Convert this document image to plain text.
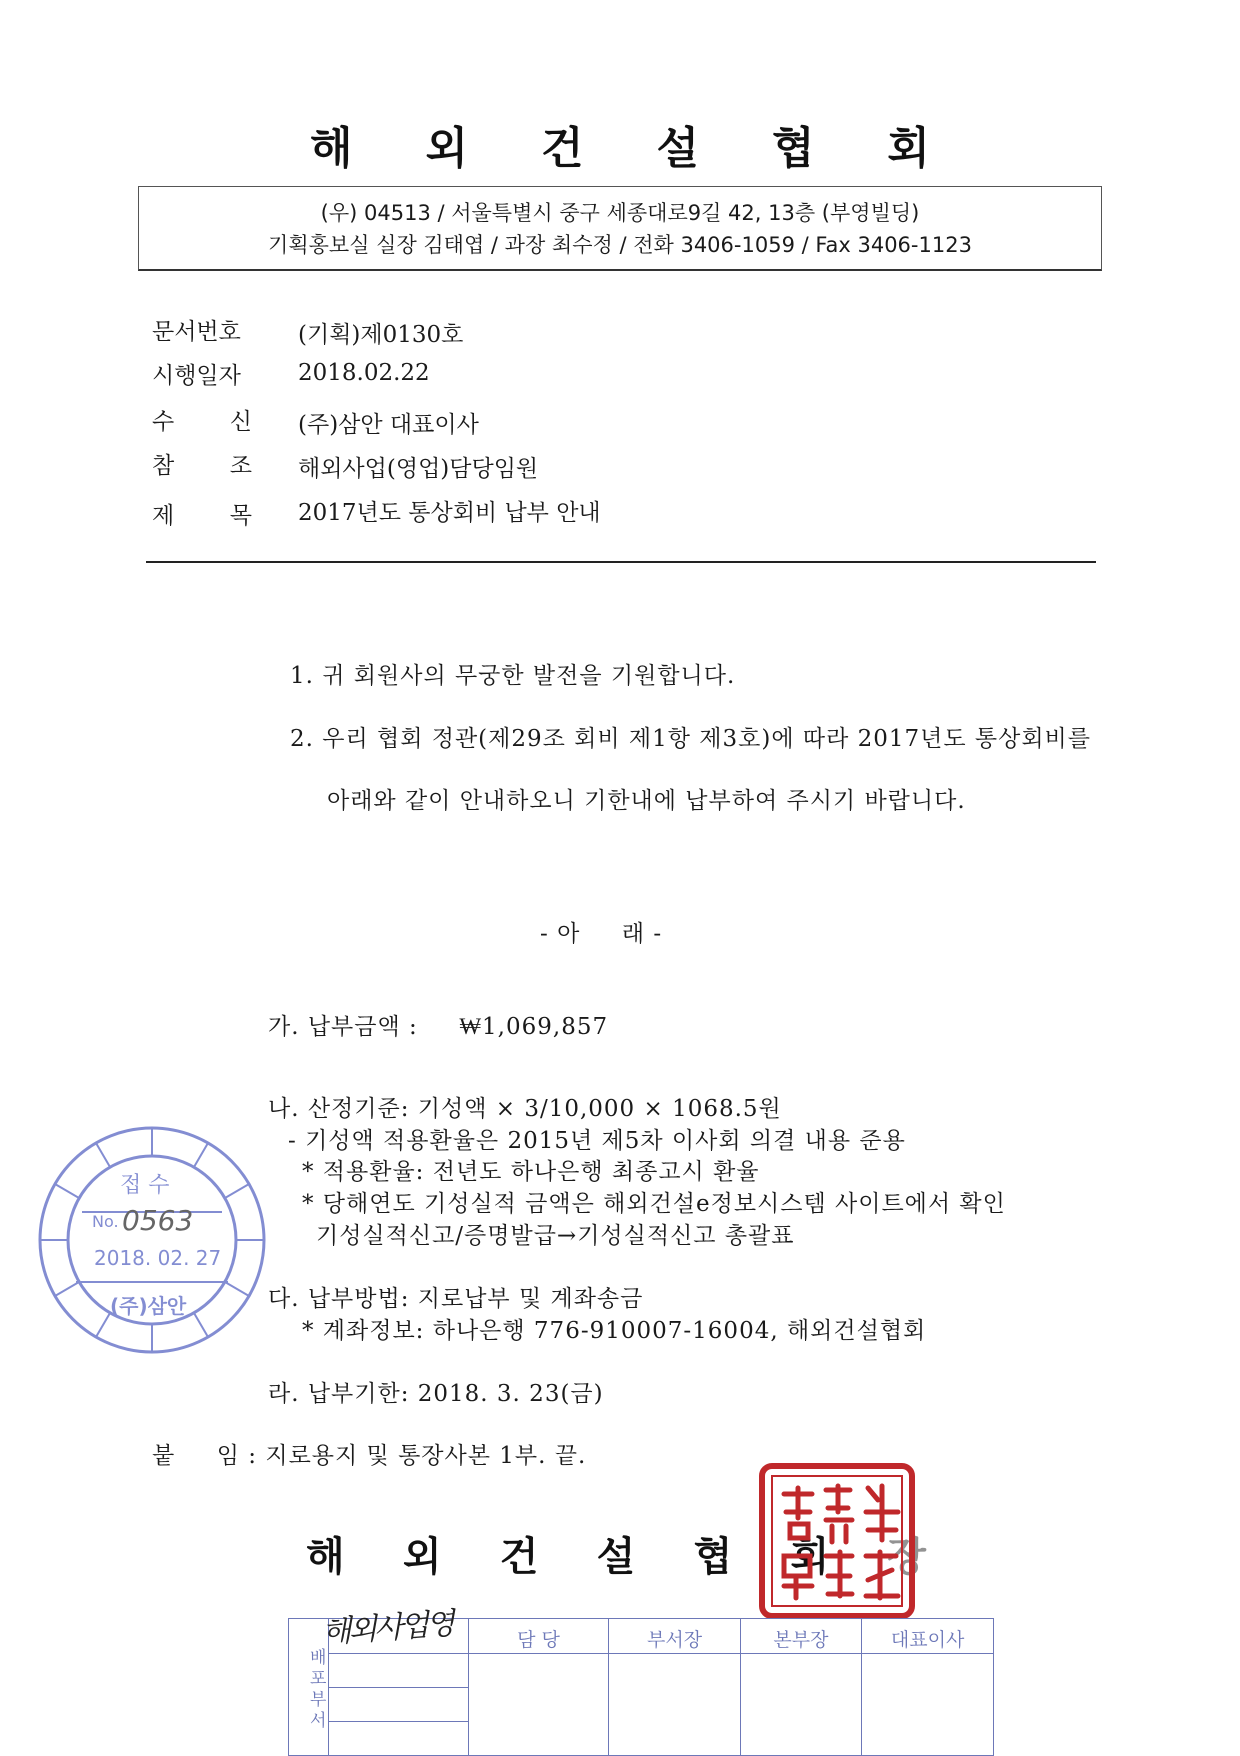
해 외 건 설 협 회
(우) 04513 / 서울특별시 중구 세종대로9길 42, 13층 (부영빌딩)
기획홍보실 실장 김태엽 / 과장 최수정 / 전화 3406-1059 / Fax 3406-1123
문서번호 (기획)제0130호
시행일자 2018.02.22
수 신 (주)삼안 대표이사
참 조 해외사업(영업)담당임원
제 목 2017년도 통상회비 납부 안내
1. 귀 회원사의 무궁한 발전을 기원합니다.
2. 우리 협회 정관(제29조 회비 제1항 제3호)에 따라 2017년도 통상회비를
아래와 같이 안내하오니 기한내에 납부하여 주시기 바랍니다.
- 아     래 -
가. 납부금액 :     ₩1,069,857
나. 산정기준: 기성액 × 3/10,000 × 1068.5원
- 기성액 적용환율은 2015년 제5차 이사회 의결 내용 준용
* 적용환율: 전년도 하나은행 최종고시 환율
* 당해연도 기성실적 금액은 해외건설e정보시스템 사이트에서 확인
기성실적신고/증명발급→기성실적신고 총괄표
다. 납부방법: 지로납부 및 계좌송금
* 계좌정보: 하나은행 776-910007-16004, 해외건설협회
라. 납부기한: 2018. 3. 23(금)
붙     임 : 지로용지 및 통장사본 1부. 끝.
해 외 건 설 협 회 장
접 수
No. 0563
2018. 02. 27
(주)삼안
배포부서		담 당	부서장	본부장	대표이사

해외사업영
